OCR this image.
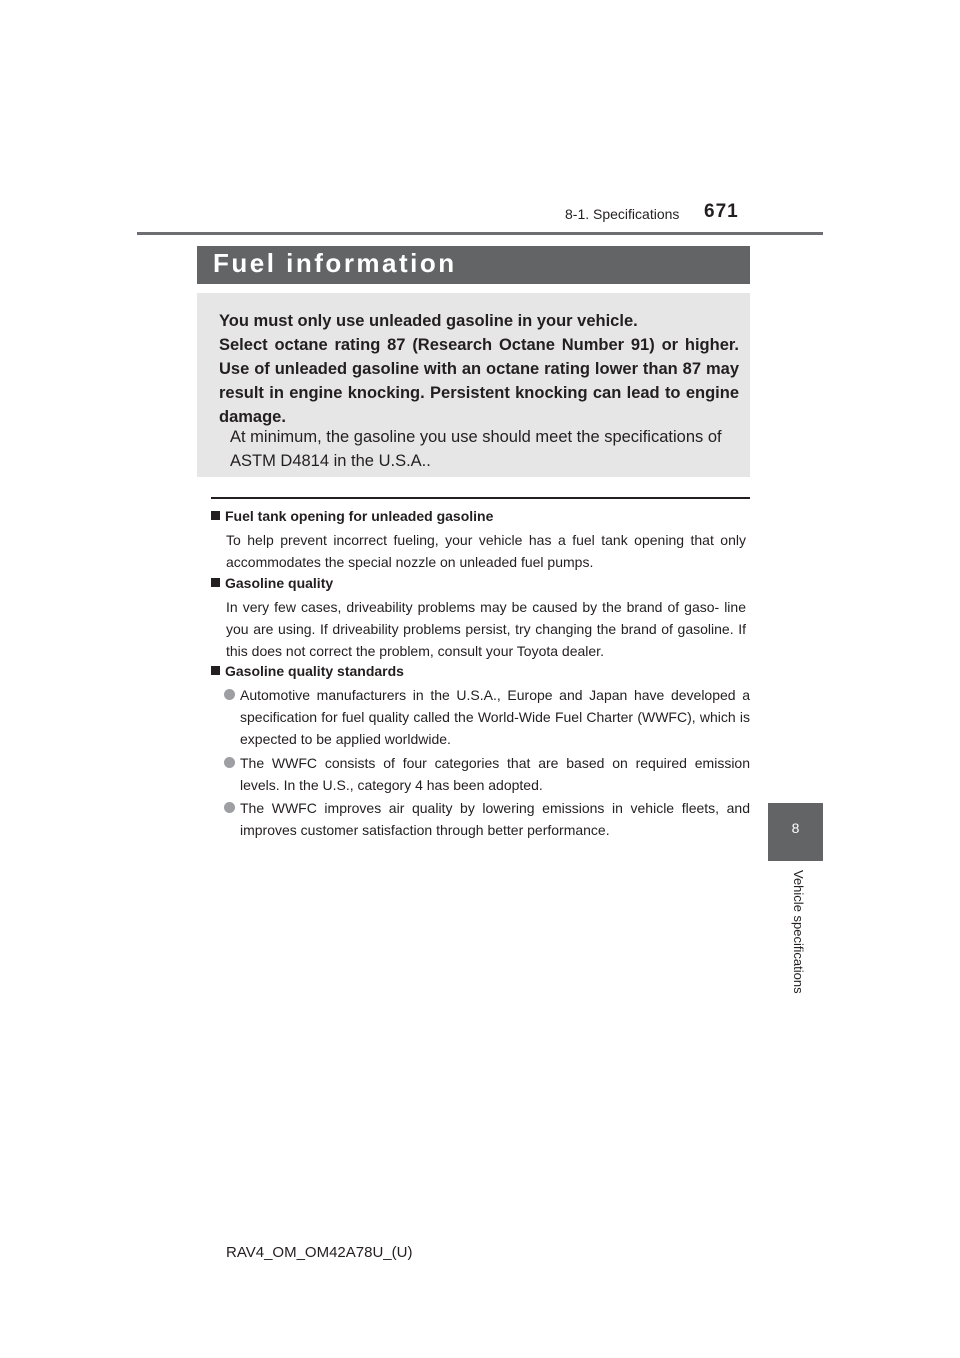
8-1. Specifications 671
Fuel information
You must only use unleaded gasoline in your vehicle.
Select octane rating 87 (Research Octane Number 91) or higher. Use of unleaded gasoline with an octane rating lower than 87 may result in engine knocking. Persistent knocking can lead to engine damage.
At minimum, the gasoline you use should meet the specifications of
ASTM D4814 in the U.S.A..
Fuel tank opening for unleaded gasoline
To help prevent incorrect fueling, your vehicle has a fuel tank opening that only accommodates the special nozzle on unleaded fuel pumps.
Gasoline quality
In very few cases, driveability problems may be caused by the brand of gaso- line you are using. If driveability problems persist, try changing the brand of gasoline. If this does not correct the problem, consult your Toyota dealer.
Gasoline quality standards
Automotive manufacturers in the U.S.A., Europe and Japan have developed a specification for fuel quality called the World-Wide Fuel Charter (WWFC), which is expected to be applied worldwide.
The WWFC consists of four categories that are based on required emission levels. In the U.S., category 4 has been adopted.
The WWFC improves air quality by lowering emissions in vehicle fleets, and improves customer satisfaction through better performance.	8
Vehicle specifications
RAV4_OM_OM42A78U_(U)
